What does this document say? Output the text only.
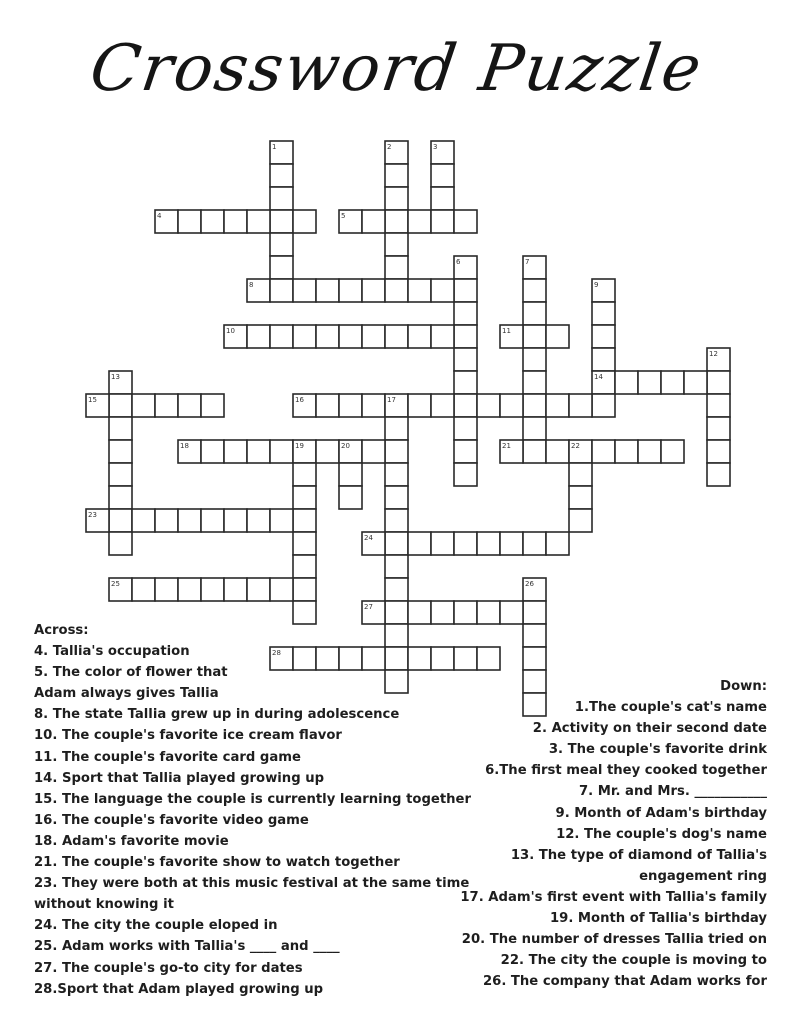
Crossword Puzzle
1	2	3
4	5
6	7
8	9
10	11
12
13	14
15	16	17
18	19	20	21	22
23
24
25	26
27
28
Across:
4. Tallia's occupation
5. The color of flower that
Adam always gives Tallia
8. The state Tallia grew up in during adolescence
10. The couple's favorite ice cream flavor
11. The couple's favorite card game
14. Sport that Tallia played growing up
15. The language the couple is currently learning together
16. The couple's favorite video game
18. Adam's favorite movie
21. The couple's favorite show to watch together
23. They were both at this music festival at the same time
without knowing it
24. The city the couple eloped in
25. Adam works with Tallia's ____ and ____
27. The couple's go-to city for dates
28.Sport that Adam played growing up
Down:
1.The couple's cat's name
2. Activity on their second date
3. The couple's favorite drink
6.The first meal they cooked together
7. Mr. and Mrs. ___________
9. Month of Adam's birthday
12. The couple's dog's name
13. The type of diamond of Tallia's
engagement ring
17. Adam's first event with Tallia's family
19. Month of Tallia's birthday
20. The number of dresses Tallia tried on
22. The city the couple is moving to
26. The company that Adam works for
